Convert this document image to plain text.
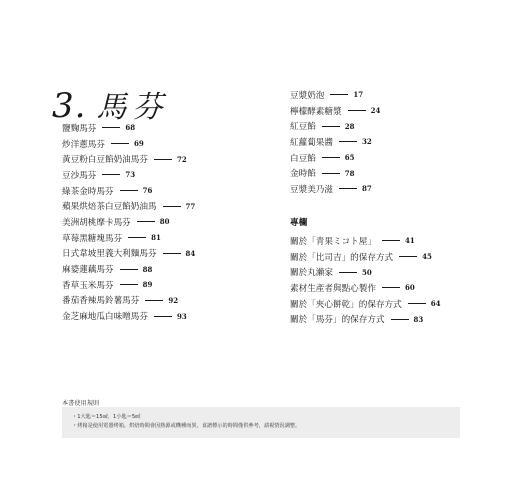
3. 馬芬
鹽麴馬芬	68
炒洋蔥馬芬	69
黃豆粉白豆餡奶油馬芬	72
豆沙馬芬	73
綠茶金時馬芬	76
蘋果烘焙茶白豆餡奶油馬	77
美洲胡桃摩卡馬芬	80
草莓黑糖塊馬芬	81
日式韋坡里義大利麵馬芬	84
麻婆蓮藕馬芬	88
香草玉米馬芬	89
番茄香辣馬鈴薯馬芬	92
金芝麻地瓜白味噌馬芬	93
豆漿奶泡	17
檸檬酵素糖漿	24
紅豆餡	28
紅蘿蔔果醬	32
白豆餡	65
金時餡	78
豆漿美乃滋	87
專欄
關於「青果ミコト屋」	41
關於「比司吉」的保存方式	45
關於丸瀨家	50
素材生產者與點心製作	60
關於「夾心餅乾」的保存方式	64
關於「馬芬」的保存方式	83
本書使用規則
・1大匙＝15㎖，1小匙＝5㎖
・烤箱是使用電器烤箱。烘焙時間會因熱源或機種而異，食譜標示的時間僅供參考，請視情況調整。
